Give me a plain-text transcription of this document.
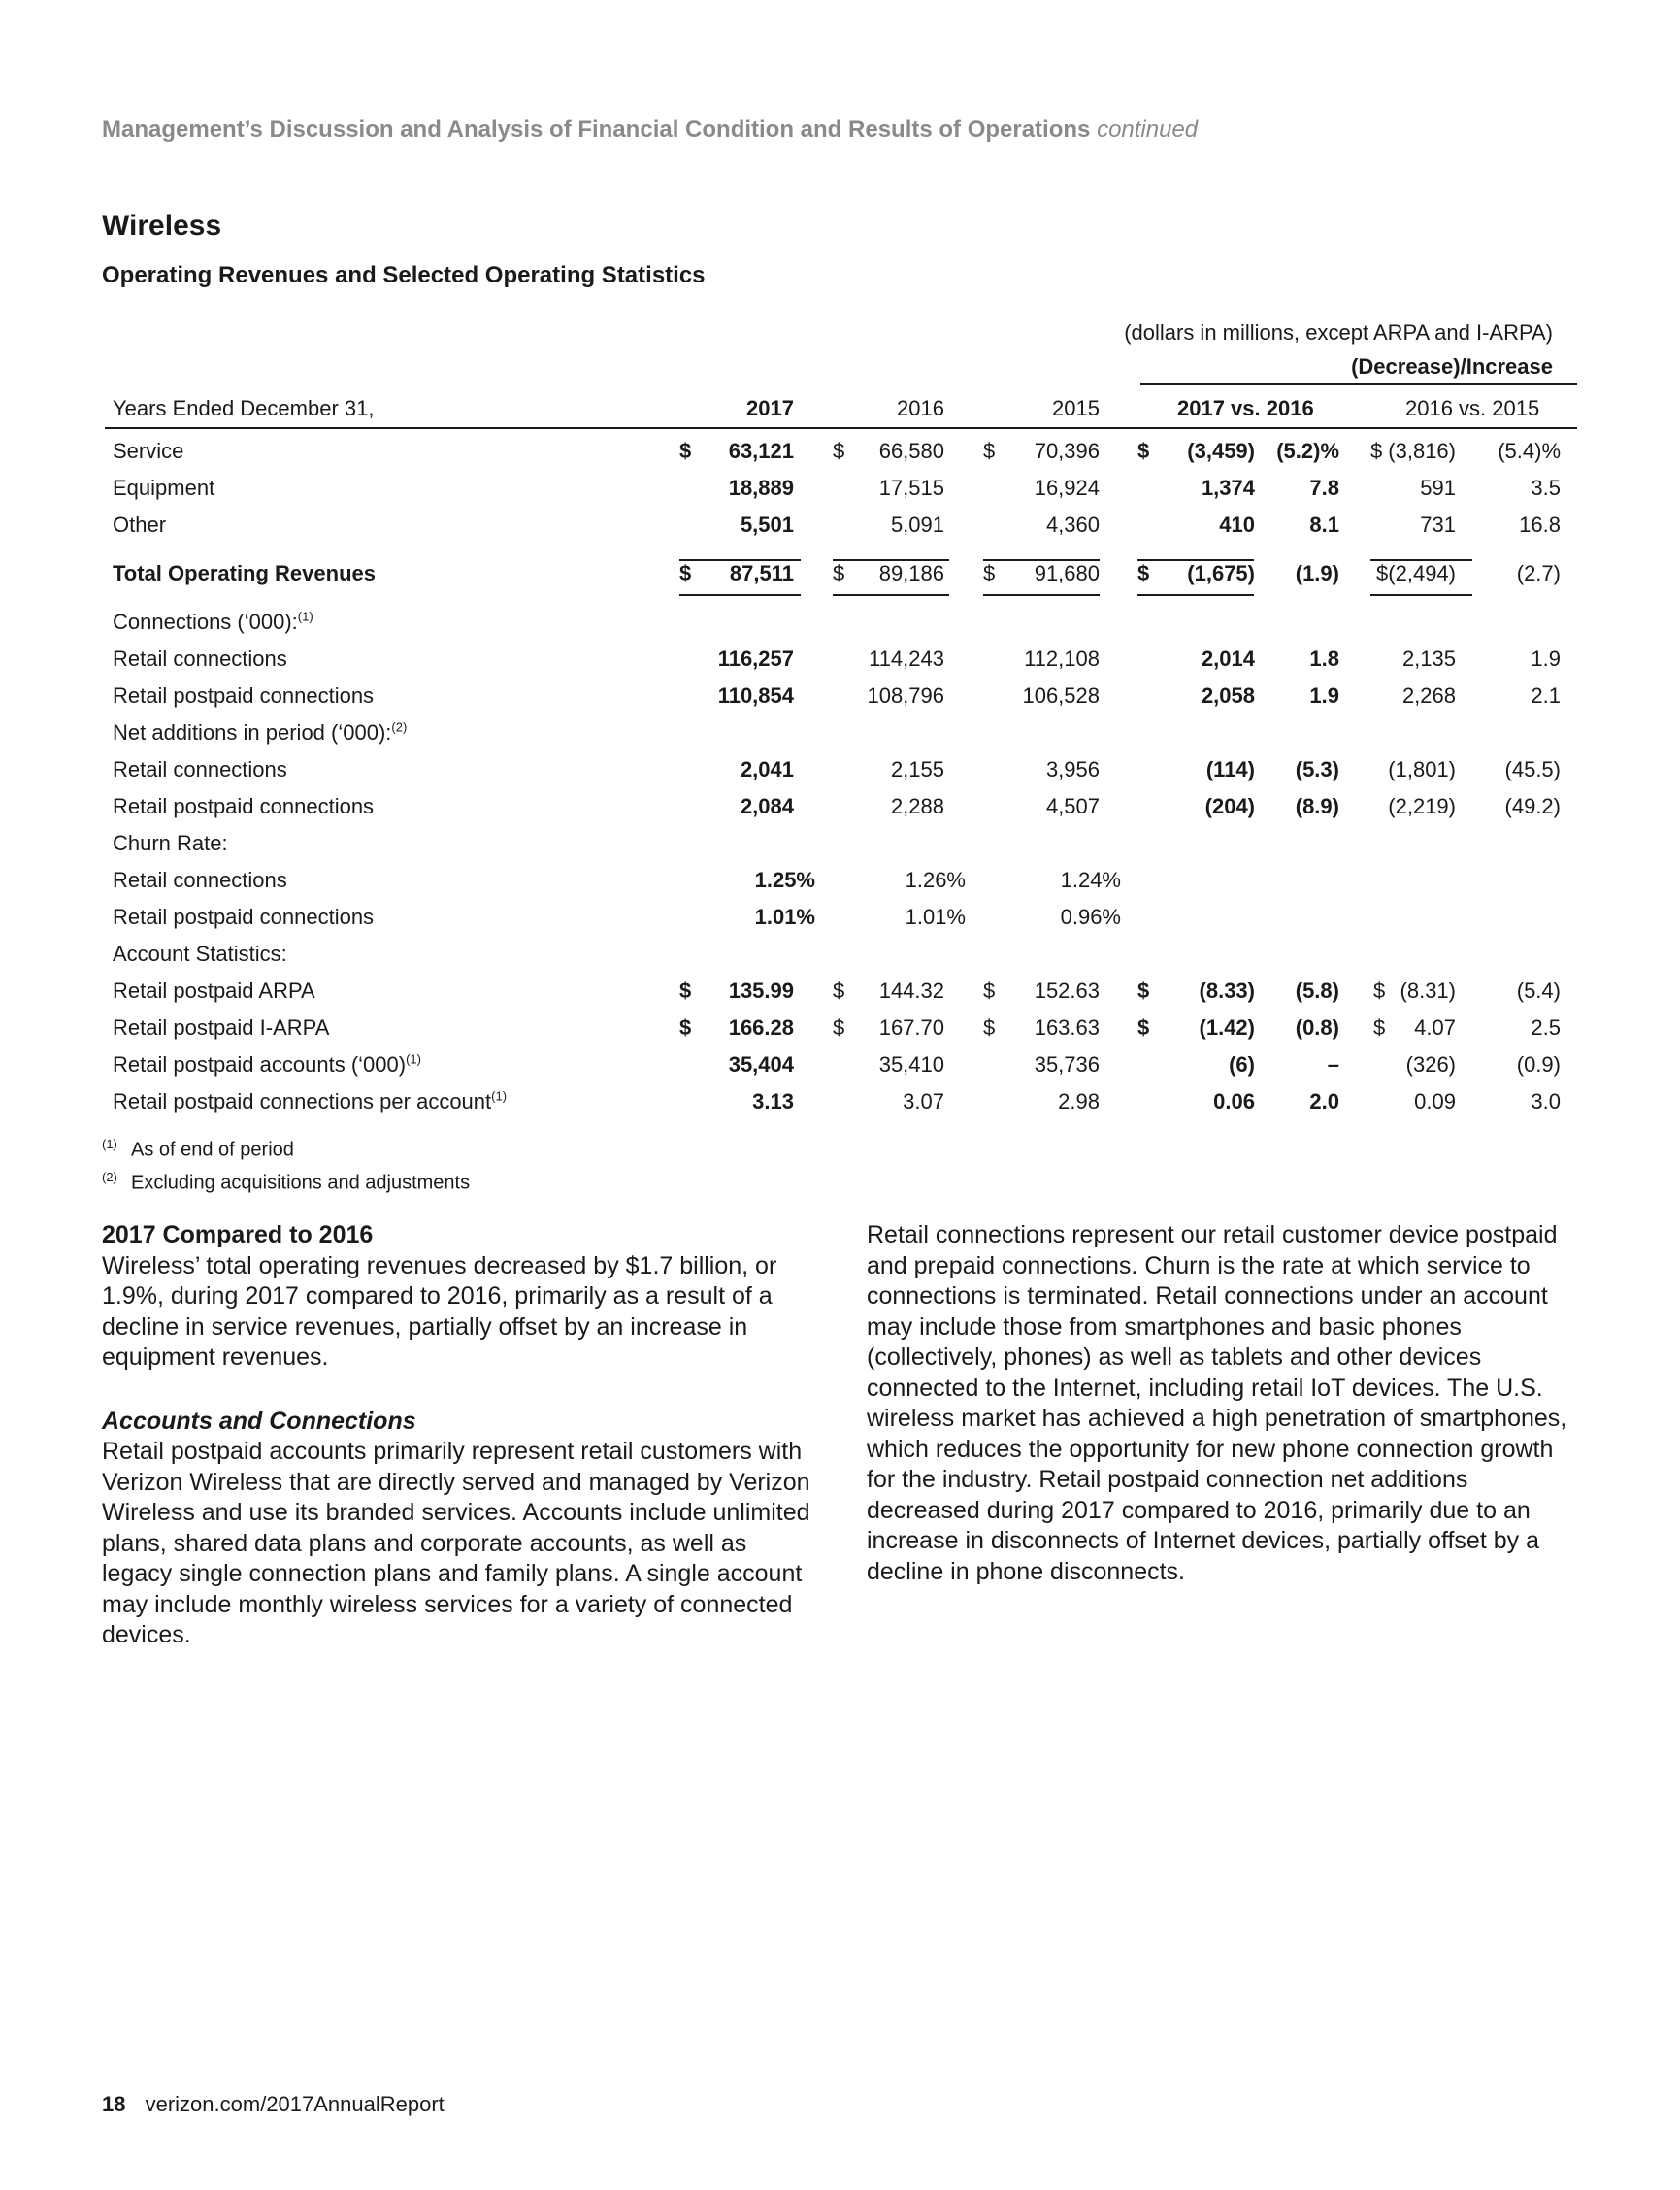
Management’s Discussion and Analysis of Financial Condition and Results of Operations continued
Wireless
Operating Revenues and Selected Operating Statistics
(dollars in millions, except ARPA and I-ARPA)
(Decrease)/Increase
Years Ended December 31,	2017	2016	2015	2017 vs. 2016	2016 vs. 2015
Service	$	63,121 $	66,580 $	70,396 $	(3,459)	(5.2)%	$ (3,816)	(5.4)%
Equipment	18,889	17,515	16,924	1,374	7.8	591	3.5
Other	5,501	5,091	4,360	410	8.1	731	16.8
Total Operating Revenues	$	87,511 $	89,186 $	91,680 $	(1,675)	(1.9)	$(2,494)	(2.7)
Connections (‘000):$^{(1)}$
Retail connections	116,257	114,243	112,108	2,014	1.8	2,135	1.9
Retail postpaid connections	110,854	108,796	106,528	2,058	1.9	2,268	2.1
Net additions in period (‘000):$^{(2)}$
Retail connections	2,041	2,155	3,956	(114)	(5.3)	(1,801)	(45.5)
Retail postpaid connections	2,084	2,288	4,507	(204)	(8.9)	(2,219)	(49.2)
Churn Rate:
Retail connections	1.25%	1.26%	1.24%
Retail postpaid connections	1.01%	1.01%	0.96%
Account Statistics:
Retail postpaid ARPA	$	135.99 $	144.32 $	152.63 $	(8.33)	(5.8) $ (8.31)	(5.4)
Retail postpaid I-ARPA	$	166.28 $	167.70 $	163.63 $	(1.42)	(0.8) $	4.07	2.5
Retail postpaid accounts (‘000)$^{(1)}$	35,404	35,410	35,736	(6)	–	(326)	(0.9)
Retail postpaid connections per account$^{(1)}$	3.13	3.07	2.98	0.06	2.0	0.09	3.0
(1) As of end of period
(2) Excluding acquisitions and adjustments

2017 Compared to 2016

Wireless’ total operating revenues decreased by $1.7 billion, or 1.9%, during 2017 compared to 2016, primarily as a result of a decline in service revenues, partially offset by an increase in equipment revenues.

Accounts and Connections

Retail postpaid accounts primarily represent retail customers with Verizon Wireless that are directly served and managed by Verizon Wireless and use its branded services. Accounts include unlimited plans, shared data plans and corporate accounts, as well as legacy single connection plans and family plans. A single account may include monthly wireless services for a variety of connected devices.

Retail connections represent our retail customer device postpaid and prepaid connections. Churn is the rate at which service to connections is terminated. Retail connections under an account may include those from smartphones and basic phones (collectively, phones) as well as tablets and other devices connected to the Internet, including retail IoT devices. The U.S. wireless market has achieved a high penetration of smartphones, which reduces the opportunity for new phone connection growth for the industry. Retail postpaid connection net additions decreased during 2017 compared to 2016, primarily due to an increase in disconnects of Internet devices, partially offset by a decline in phone disconnects.

18 verizon.com/2017AnnualReport
